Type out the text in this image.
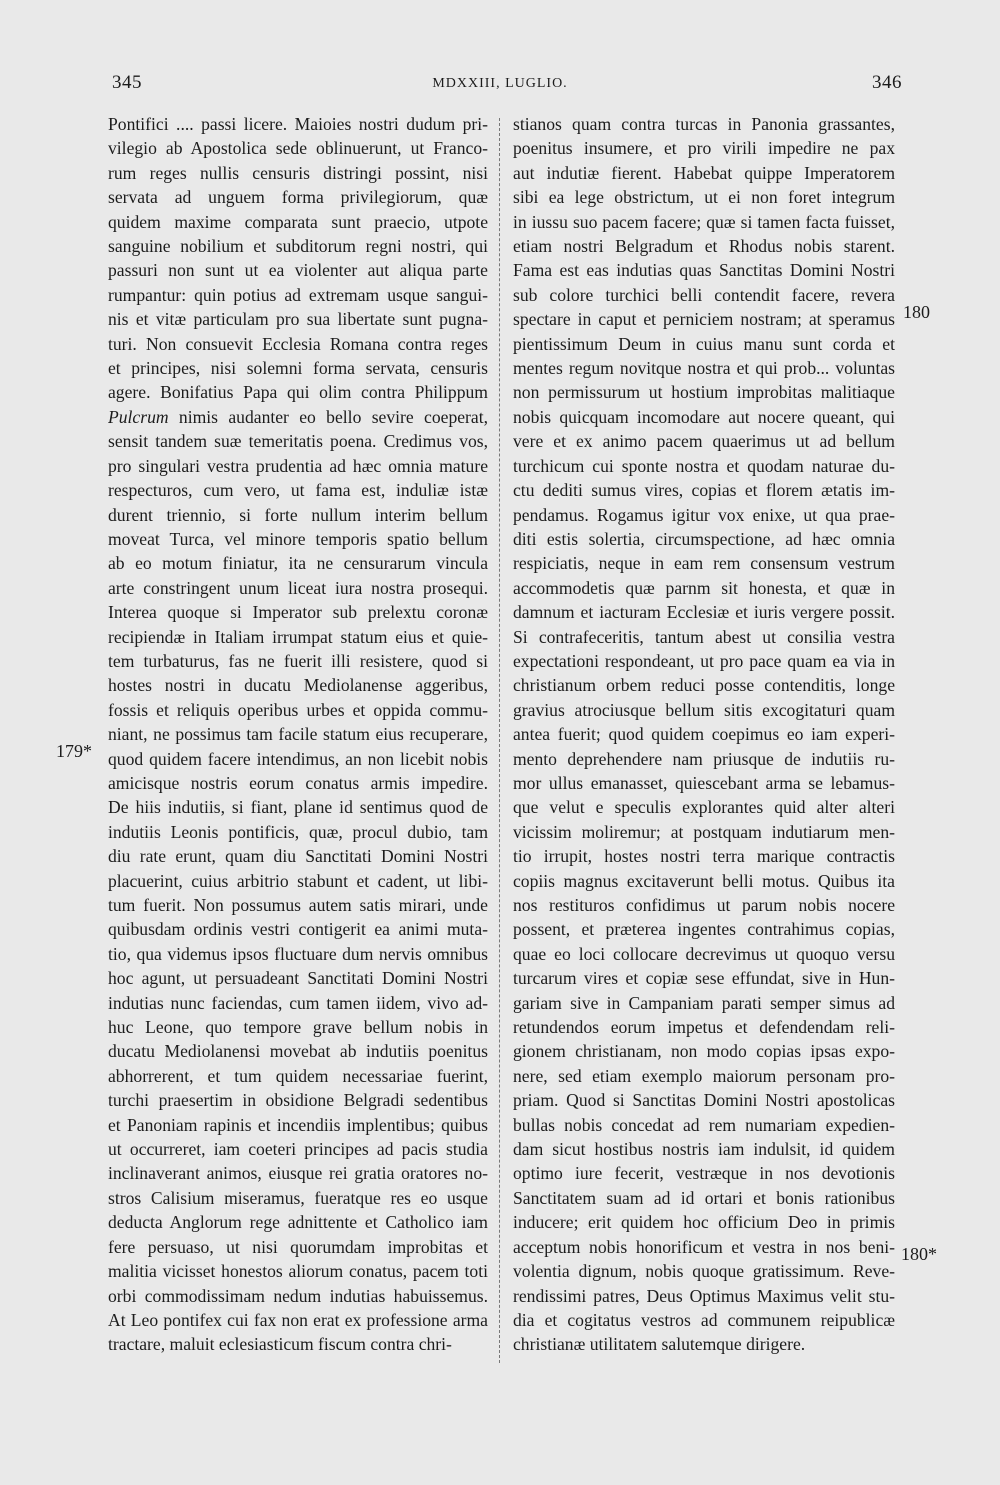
345	MDXXIII, LUGLIO.	346
Pontifici .... passi licere. Maioies nostri dudum pri-
vilegio ab Apostolica sede oblinuerunt, ut Franco-
rum reges nullis censuris distringi possint, nisi
servata ad unguem forma privilegiorum, quæ
quidem maxime comparata sunt praecio, utpote
sanguine nobilium et subditorum regni nostri, qui
passuri non sunt ut ea violenter aut aliqua parte
rumpantur: quin potius ad extremam usque sangui-
nis et vitæ particulam pro sua libertate sunt pugna-
turi. Non consuevit Ecclesia Romana contra reges
et principes, nisi solemni forma servata, censuris
agere. Bonifatius Papa qui olim contra Philippum
Pulcrum nimis audanter eo bello sevire coeperat,
sensit tandem suæ temeritatis poena. Credimus vos,
pro singulari vestra prudentia ad hæc omnia mature
respecturos, cum vero, ut fama est, induliæ istæ
durent triennio, si forte nullum interim bellum
moveat Turca, vel minore temporis spatio bellum
ab eo motum finiatur, ita ne censurarum vincula
arte constringent unum liceat iura nostra prosequi.
Interea quoque si Imperator sub prelextu coronæ
recipiendæ in Italiam irrumpat statum eius et quie-
tem turbaturus, fas ne fuerit illi resistere, quod si
hostes nostri in ducatu Mediolanense aggeribus,
fossis et reliquis operibus urbes et oppida commu-
niant, ne possimus tam facile statum eius recuperare,
quod quidem facere intendimus, an non licebit nobis
amicisque nostris eorum conatus armis impedire.
De hiis indutiis, si fiant, plane id sentimus quod de
indutiis Leonis pontificis, quæ, procul dubio, tam
diu rate erunt, quam diu Sanctitati Domini Nostri
placuerint, cuius arbitrio stabunt et cadent, ut libi-
tum fuerit. Non possumus autem satis mirari, unde
quibusdam ordinis vestri contigerit ea animi muta-
tio, qua videmus ipsos fluctuare dum nervis omnibus
hoc agunt, ut persuadeant Sanctitati Domini Nostri
indutias nunc faciendas, cum tamen iidem, vivo ad-
huc Leone, quo tempore grave bellum nobis in
ducatu Mediolanensi movebat ab indutiis poenitus
abhorrerent, et tum quidem necessariae fuerint,
turchi praesertim in obsidione Belgradi sedentibus
et Panoniam rapinis et incendiis implentibus; quibus
ut occurreret, iam coeteri principes ad pacis studia
inclinaverant animos, eiusque rei gratia oratores no-
stros Calisium miseramus, fueratque res eo usque
deducta Anglorum rege adnittente et Catholico iam
fere persuaso, ut nisi quorumdam improbitas et
malitia vicisset honestos aliorum conatus, pacem toti
orbi commodissimam nedum indutias habuissemus.
At Leo pontifex cui fax non erat ex professione arma
tractare, maluit eclesiasticum fiscum contra chri-
stianos quam contra turcas in Panonia grassantes,
poenitus insumere, et pro virili impedire ne pax
aut indutiæ fierent. Habebat quippe Imperatorem
sibi ea lege obstrictum, ut ei non foret integrum
in iussu suo pacem facere; quæ si tamen facta fuisset,
etiam nostri Belgradum et Rhodus nobis starent.
Fama est eas indutias quas Sanctitas Domini Nostri
sub colore turchici belli contendit facere, revera
spectare in caput et perniciem nostram; at speramus
pientissimum Deum in cuius manu sunt corda et
mentes regum novitque nostra et qui prob... voluntas
non permissurum ut hostium improbitas malitiaque
nobis quicquam incomodare aut nocere queant, qui
vere et ex animo pacem quaerimus ut ad bellum
turchicum cui sponte nostra et quodam naturae du-
ctu dediti sumus vires, copias et florem ætatis im-
pendamus. Rogamus igitur vox enixe, ut qua prae-
diti estis solertia, circumspectione, ad hæc omnia
respiciatis, neque in eam rem consensum vestrum
accommodetis quæ parnm sit honesta, et quæ in
damnum et iacturam Ecclesiæ et iuris vergere possit.
Si contrafeceritis, tantum abest ut consilia vestra
expectationi respondeant, ut pro pace quam ea via in
christianum orbem reduci posse contenditis, longe
gravius atrociusque bellum sitis excogitaturi quam
antea fuerit; quod quidem coepimus eo iam experi-
mento deprehendere nam priusque de indutiis ru-
mor ullus emanasset, quiescebant arma se lebamus-
que velut e speculis explorantes quid alter alteri
vicissim moliremur; at postquam indutiarum men-
tio irrupit, hostes nostri terra marique contractis
copiis magnus excitaverunt belli motus. Quibus ita
nos restituros confidimus ut parum nobis nocere
possent, et præterea ingentes contrahimus copias,
quae eo loci collocare decrevimus ut quoquo versu
turcarum vires et copiæ sese effundat, sive in Hun-
gariam sive in Campaniam parati semper simus ad
retundendos eorum impetus et defendendam reli-
gionem christianam, non modo copias ipsas expo-
nere, sed etiam exemplo maiorum personam pro-
priam. Quod si Sanctitas Domini Nostri apostolicas
bullas nobis concedat ad rem numariam expedien-
dam sicut hostibus nostris iam indulsit, id quidem
optimo iure fecerit, vestræque in nos devotionis
Sanctitatem suam ad id ortari et bonis rationibus
inducere; erit quidem hoc officium Deo in primis
acceptum nobis honorificum et vestra in nos beni-
volentia dignum, nobis quoque gratissimum. Reve-
rendissimi patres, Deus Optimus Maximus velit stu-
dia et cogitatus vestros ad communem reipublicæ
christianæ utilitatem salutemque dirigere.
179*
180
180*
